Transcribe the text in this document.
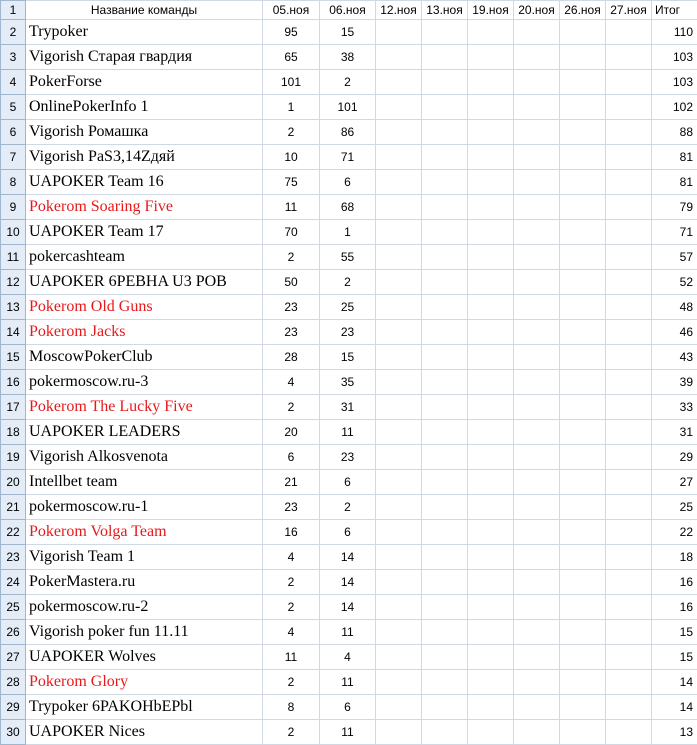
1	Название команды	05.ноя	06.ноя	12.ноя	13.ноя	19.ноя	20.ноя	26.ноя	27.ноя	Итог
2	Trypoker	95	15							110
3	Vigorish Старая гвардия	65	38							103
4	PokerForse	101	2							103
5	OnlinePokerInfo 1	1	101							102
6	Vigorish Ромашка	2	86							88
7	Vigorish PaS3,14Zдяй	10	71							81
8	UAPOKER Team 16	75	6							81
9	Pokerom Soaring Five	11	68							79
10	UAPOKER Team 17	70	1							71
11	pokercashteam	2	55							57
12	UAPOKER 6PEBHA U3 POB	50	2							52
13	Pokerom Old Guns	23	25							48
14	Pokerom Jacks	23	23							46
15	MoscowPokerClub	28	15							43
16	pokermoscow.ru-3	4	35							39
17	Pokerom The Lucky Five	2	31							33
18	UAPOKER LEADERS	20	11							31
19	Vigorish Alkosvenota	6	23							29
20	Intellbet team	21	6							27
21	pokermoscow.ru-1	23	2							25
22	Pokerom Volga Team	16	6							22
23	Vigorish Team 1	4	14							18
24	PokerMastera.ru	2	14							16
25	pokermoscow.ru-2	2	14							16
26	Vigorish poker fun 11.11	4	11							15
27	UAPOKER Wolves	11	4							15
28	Pokerom Glory	2	11							14
29	Trypoker 6PAKOHbEPbl	8	6							14
30	UAPOKER Nices	2	11							13
